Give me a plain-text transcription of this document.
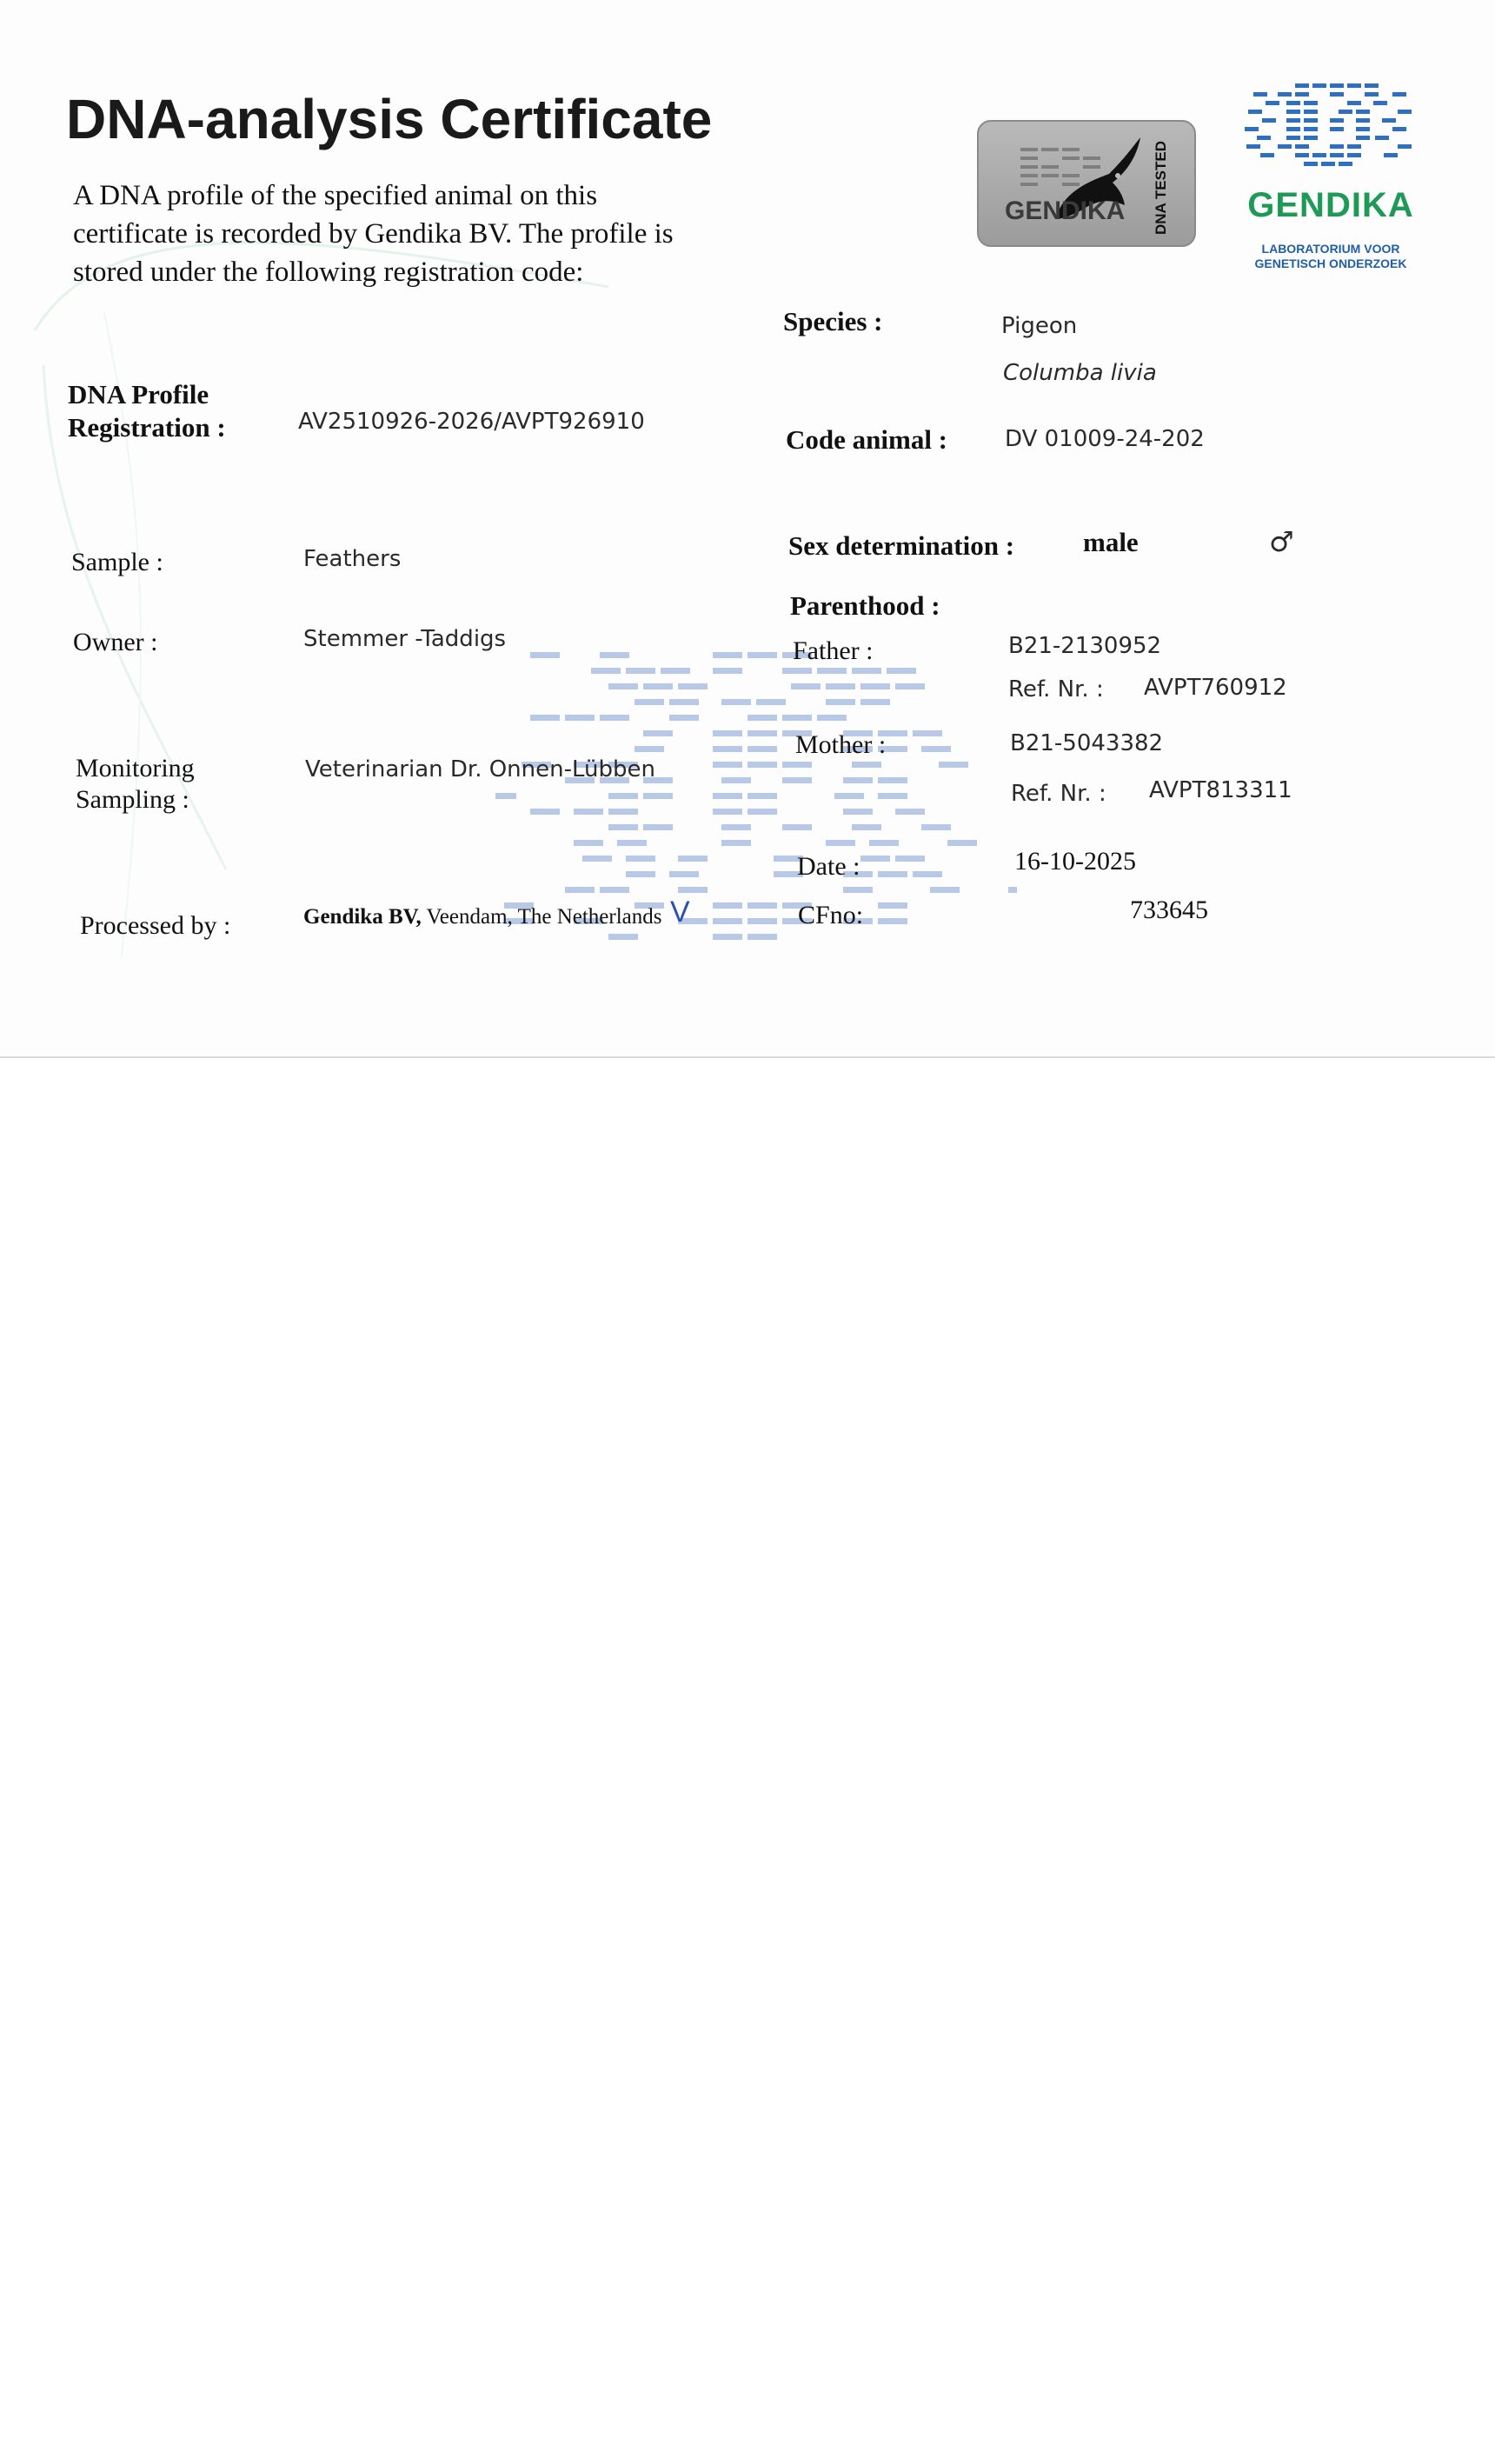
DNA-analysis Certificate
A DNA profile of the specified animal on this certificate is recorded by Gendika BV. The profile is stored under the following registration code:
GENDIKA DNA TESTED GENDIKA
LABORATORIUM VOOR
GENETISCH ONDERZOEK
DNA Profile
Registration :	AV2510926-2026/AVPT926910
Sample :	Feathers
Owner :	Stemmer -Taddigs
Monitoring
Sampling :
Veterinarian Dr. Onnen-Lübben
Processed by :	Gendika BV, Veendam, The Netherlands V
Species :	Pigeon
Columba livia
Code animal :	DV 01009-24-202
Sex determination :	male	♂
Parenthood :
Father :	B21-2130952
Ref. Nr. : AVPT760912
Mother :	B21-5043382
Ref. Nr. : AVPT813311
Date :	16-10-2025
CFno:	733645
